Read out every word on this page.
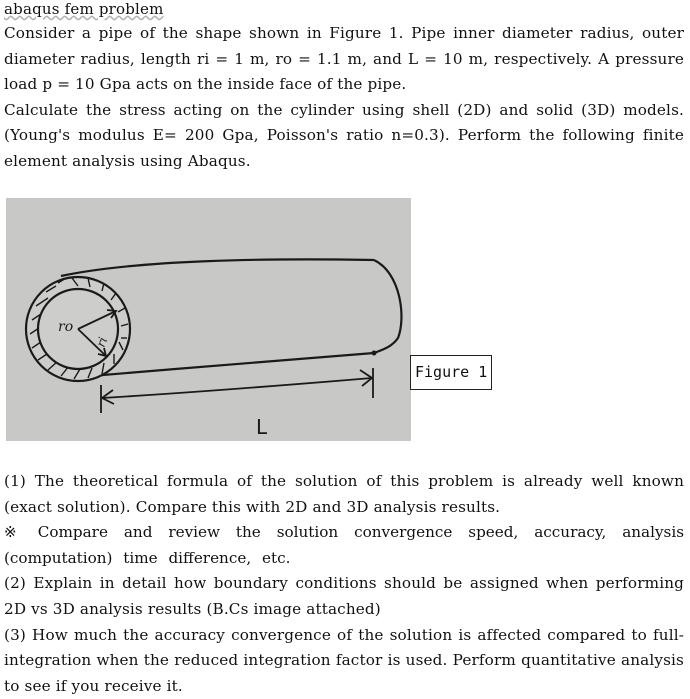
abaqus fem problem

Consider a pipe of the shape shown in Figure 1. Pipe inner diameter radius, outer diameter radius, length ri = 1 m, ro = 1.1 m, and L = 10 m, respectively. A pressure load p = 10 Gpa acts on the inside face of the pipe.

Calculate the stress acting on the cylinder using shell (2D) and solid (3D) models. (Young's modulus E= 200 Gpa, Poisson's ratio n=0.3). Perform the following finite element analysis using Abaqus.

ro
ri
L
Figure 1

(1) The theoretical formula of the solution of this problem is already well known (exact solution). Compare this with 2D and 3D analysis results.

※ Compare and review the solution convergence speed, accuracy, analysis (computation) time difference, etc.

(2) Explain in detail how boundary conditions should be assigned when performing 2D vs 3D analysis results (B.Cs image attached)

(3) How much the accuracy convergence of the solution is affected compared to full-integration when the reduced integration factor is used. Perform quantitative analysis to see if you receive it.
